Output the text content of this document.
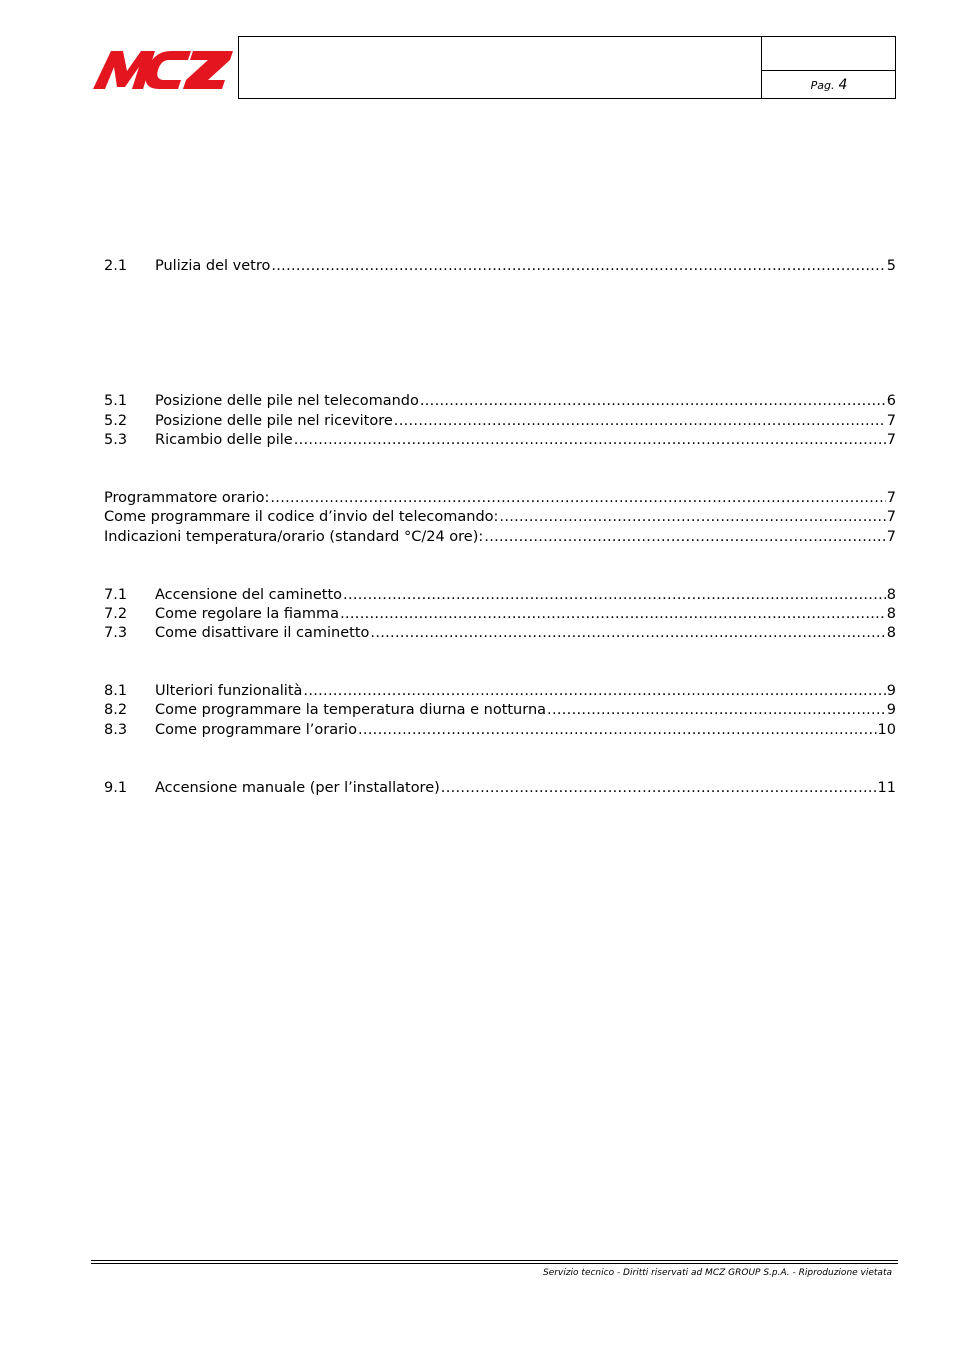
Pag. 4
2.1	Pulizia del vetro .....	5
5.1	Posizione delle pile nel telecomando .....	6
5.2	Posizione delle pile nel ricevitore .....	7
5.3	Ricambio delle pile .....	7
Programmatore orario: .....	7
Come programmare il codice d’invio del telecomando: .....	7
Indicazioni temperatura/orario (standard °C/24 ore): .....	7
7.1	Accensione del caminetto .....	8
7.2	Come regolare la fiamma .....	8
7.3	Come disattivare il caminetto .....	8
8.1	Ulteriori funzionalità .....	9
8.2	Come programmare la temperatura diurna e notturna .....	9
8.3	Come programmare l’orario .....	10
9.1	Accensione manuale (per l’installatore) .....	11
Servizio tecnico - Diritti riservati ad MCZ GROUP S.p.A. - Riproduzione vietata
